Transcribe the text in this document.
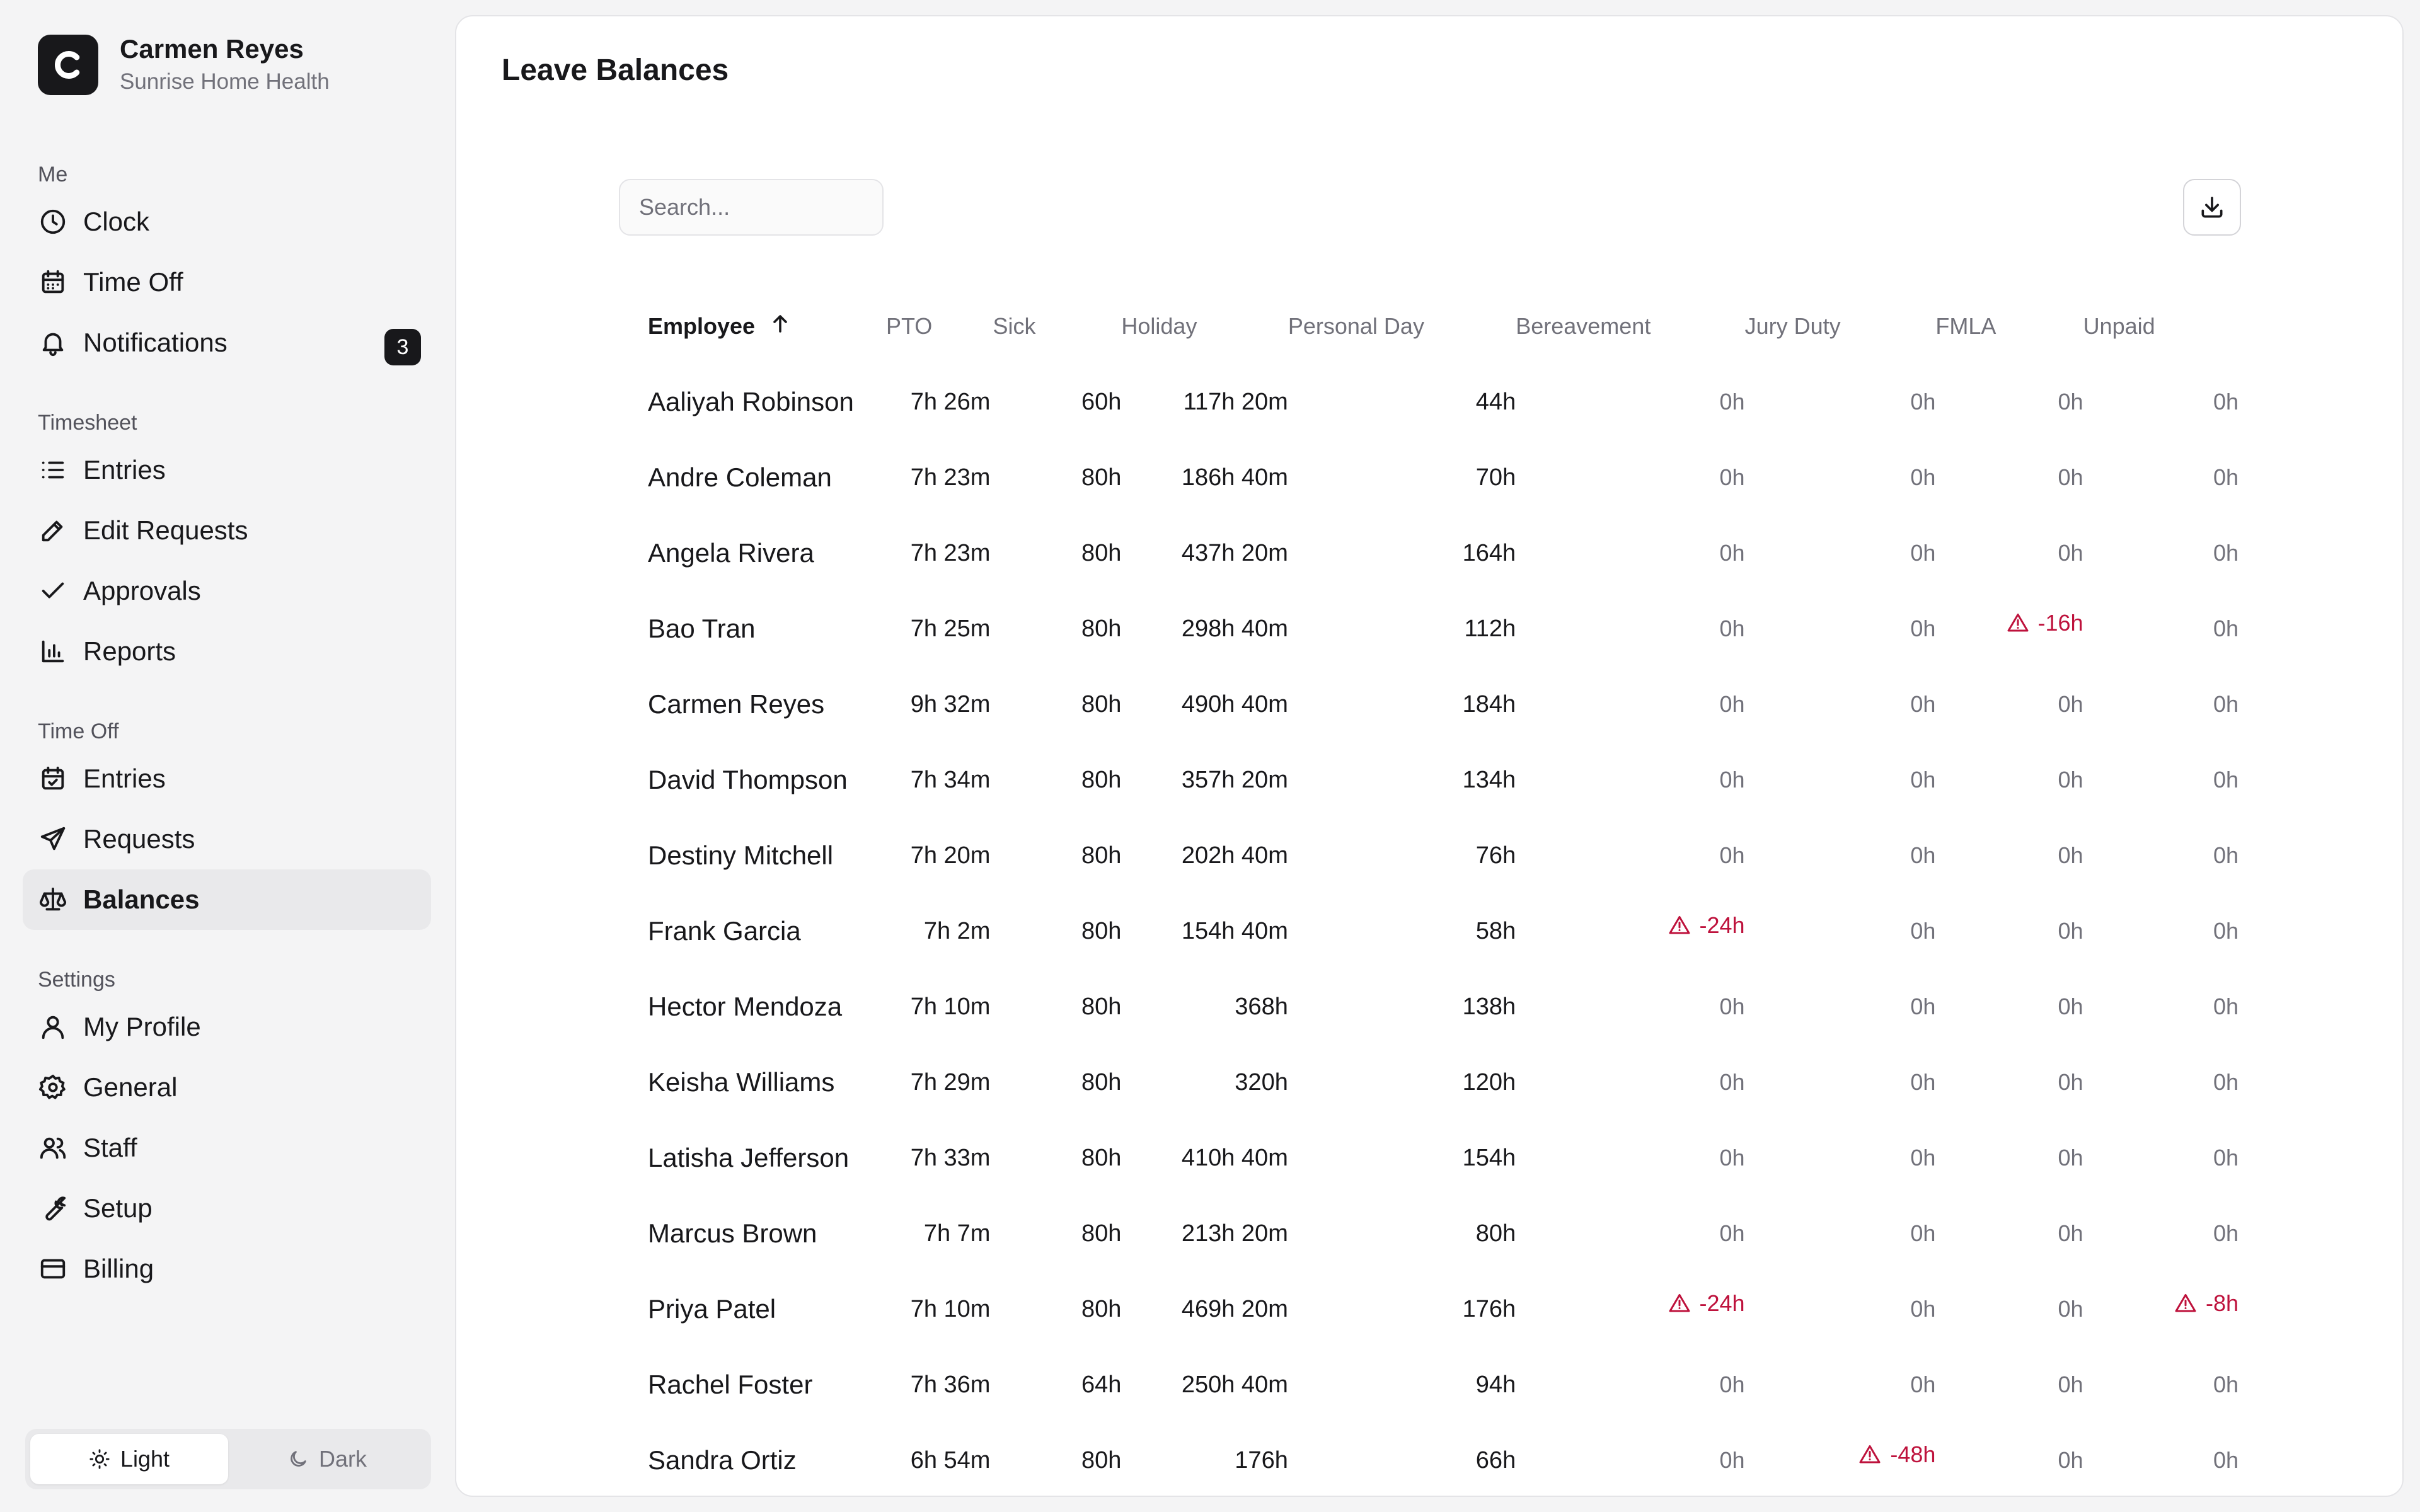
Carmen Reyes
Sunrise Home Health
Me
Clock
Time Off
Notifications	3
Timesheet
Entries
Edit Requests
Approvals
Reports
Time Off
Entries
Requests
Balances
Settings
My Profile
General
Staff
Setup
Billing
Light	Dark
Leave Balances
Search...
Employee	PTO	Sick	Holiday	Personal Day	Bereavement	Jury Duty	FMLA	Unpaid
Aaliyah Robinson	7h 26m	60h	117h 20m	44h	0h	0h	0h	0h
Andre Coleman	7h 23m	80h	186h 40m	70h	0h	0h	0h	0h
Angela Rivera	7h 23m	80h	437h 20m	164h	0h	0h	0h	0h
Bao Tran	7h 25m	80h	298h 40m	112h	0h	0h	-16h	0h
Carmen Reyes	9h 32m	80h	490h 40m	184h	0h	0h	0h	0h
David Thompson	7h 34m	80h	357h 20m	134h	0h	0h	0h	0h
Destiny Mitchell	7h 20m	80h	202h 40m	76h	0h	0h	0h	0h
Frank Garcia	7h 2m	80h	154h 40m	58h	-24h	0h	0h	0h
Hector Mendoza	7h 10m	80h	368h	138h	0h	0h	0h	0h
Keisha Williams	7h 29m	80h	320h	120h	0h	0h	0h	0h
Latisha Jefferson	7h 33m	80h	410h 40m	154h	0h	0h	0h	0h
Marcus Brown	7h 7m	80h	213h 20m	80h	0h	0h	0h	0h
Priya Patel	7h 10m	80h	469h 20m	176h	-24h	0h	0h	-8h

Rachel Foster	7h 36m	64h	250h 40m	94h	0h	0h	0h	0h
Sandra Ortiz	6h 54m	80h	176h	66h	0h	-48h	0h	0h
